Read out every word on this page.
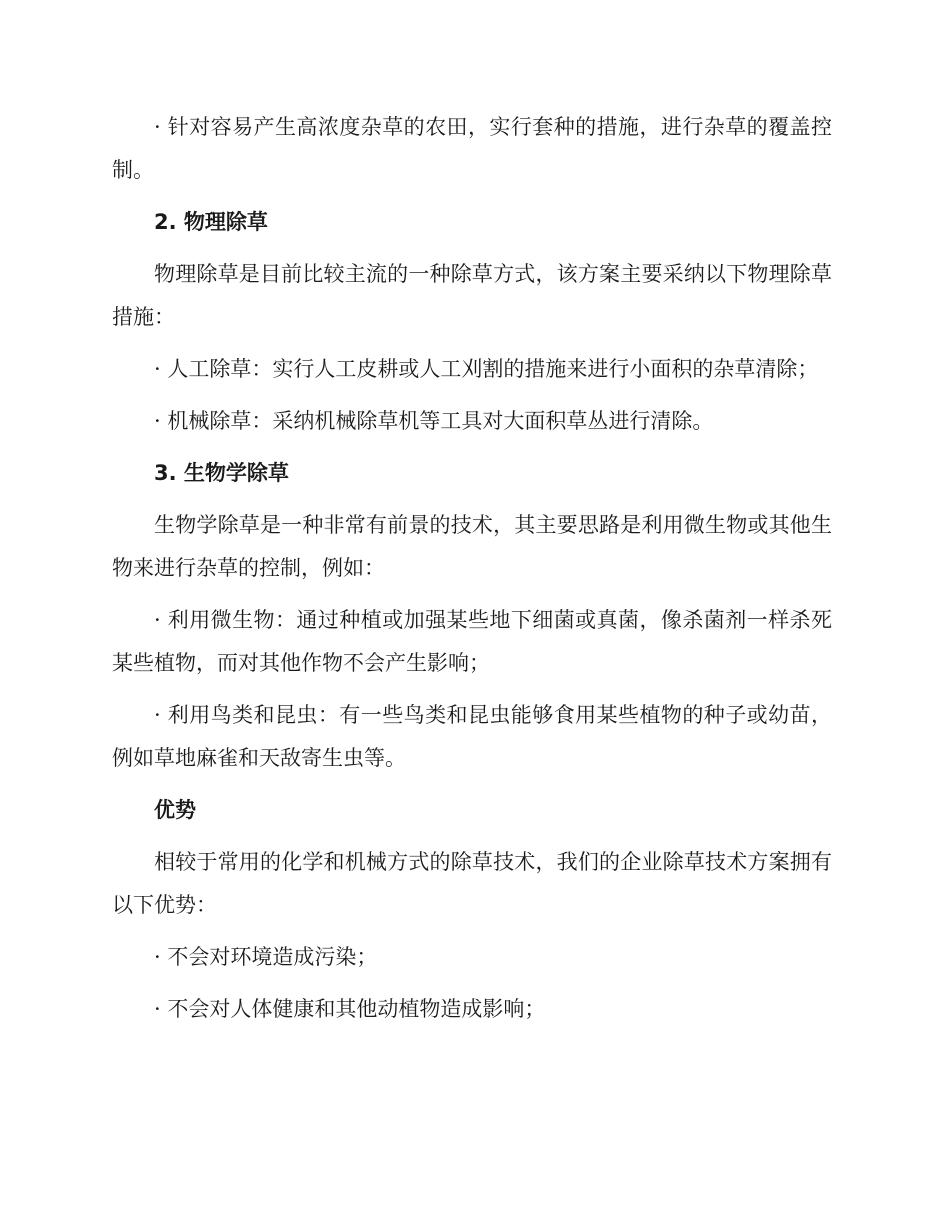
· 针对容易产生高浓度杂草的农田，实行套种的措施，进行杂草的覆盖控制。

2. 物理除草

物理除草是目前比较主流的一种除草方式，该方案主要采纳以下物理除草措施：

· 人工除草：实行人工皮耕或人工刈割的措施来进行小面积的杂草清除；

· 机械除草：采纳机械除草机等工具对大面积草丛进行清除。

3. 生物学除草

生物学除草是一种非常有前景的技术，其主要思路是利用微生物或其他生物来进行杂草的控制，例如：

· 利用微生物：通过种植或加强某些地下细菌或真菌，像杀菌剂一样杀死某些植物，而对其他作物不会产生影响；

· 利用鸟类和昆虫：有一些鸟类和昆虫能够食用某些植物的种子或幼苗，例如草地麻雀和天敌寄生虫等。

优势

相较于常用的化学和机械方式的除草技术，我们的企业除草技术方案拥有以下优势：

· 不会对环境造成污染；

· 不会对人体健康和其他动植物造成影响；
